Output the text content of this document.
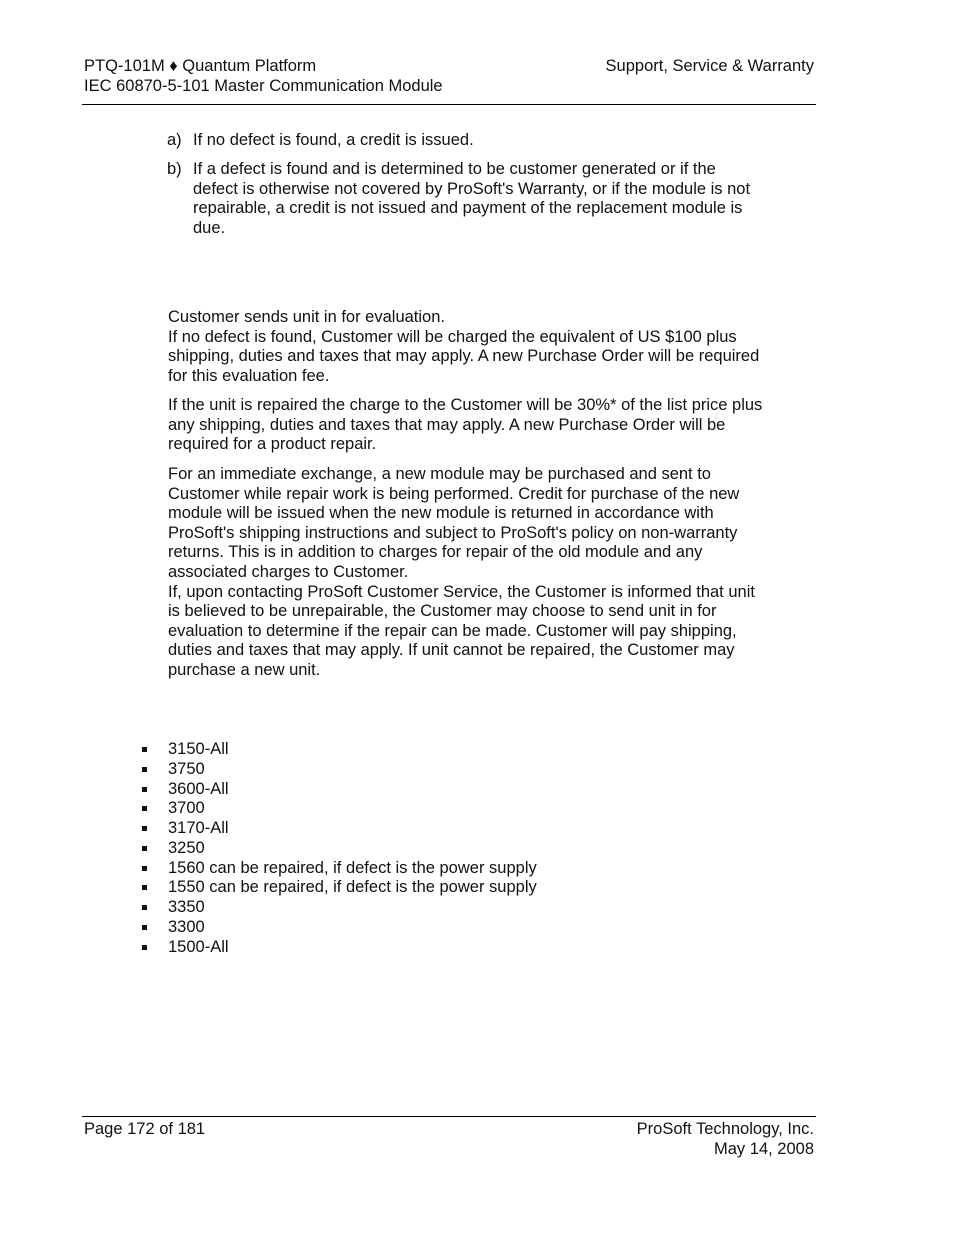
PTQ-101M ♦ Quantum Platform
IEC 60870-5-101 Master Communication Module
Support, Service & Warranty
a) If no defect is found, a credit is issued.
b) If a defect is found and is determined to be customer generated or if the defect is otherwise not covered by ProSoft's Warranty, or if the module is not repairable, a credit is not issued and payment of the replacement module is due.

Customer sends unit in for evaluation.

If no defect is found, Customer will be charged the equivalent of US $100 plus shipping, duties and taxes that may apply. A new Purchase Order will be required for this evaluation fee.

If the unit is repaired the charge to the Customer will be 30%* of the list price plus any shipping, duties and taxes that may apply. A new Purchase Order will be required for a product repair.

For an immediate exchange, a new module may be purchased and sent to Customer while repair work is being performed. Credit for purchase of the new module will be issued when the new module is returned in accordance with ProSoft's shipping instructions and subject to ProSoft's policy on non-warranty returns. This is in addition to charges for repair of the old module and any associated charges to Customer.

If, upon contacting ProSoft Customer Service, the Customer is informed that unit is believed to be unrepairable, the Customer may choose to send unit in for evaluation to determine if the repair can be made. Customer will pay shipping, duties and taxes that may apply. If unit cannot be repaired, the Customer may purchase a new unit.

3150-All
3750
3600-All
3700
3170-All
3250
1560 can be repaired, if defect is the power supply
1550 can be repaired, if defect is the power supply
3350
3300
1500-All
Page 172 of 181	ProSoft Technology, Inc.
May 14, 2008
